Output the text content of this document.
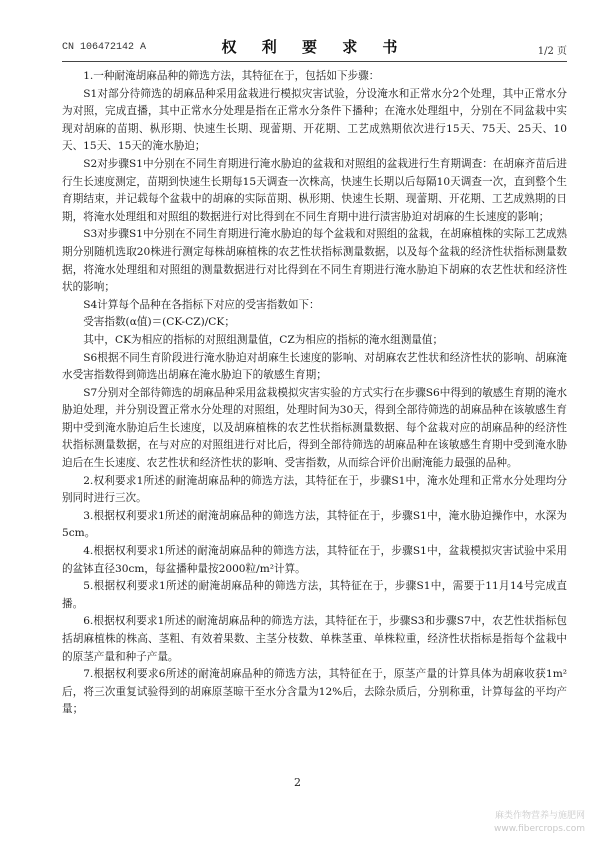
CN 106472142 A	权 利 要 求 书	1/2 页

1.一种耐淹胡麻品种的筛选方法，其特征在于，包括如下步骤：

S1对部分待筛选的胡麻品种采用盆栽进行模拟灾害试验，分设淹水和正常水分2个处理，其中正常水分为对照，完成直播，其中正常水分处理是指在正常水分条件下播种；在淹水处理组中，分别在不同盆栽中实现对胡麻的苗期、枞形期、快速生长期、现蕾期、开花期、工艺成熟期依次进行15天、75天、25天、10天、15天、15天的淹水胁迫；

S2对步骤S1中分别在不同生育期进行淹水胁迫的盆栽和对照组的盆栽进行生育期调查：在胡麻齐苗后进行生长速度测定，苗期到快速生长期每15天调查一次株高，快速生长期以后每隔10天调查一次，直到整个生育期结束，并记载每个盆栽中的胡麻的实际苗期、枞形期、快速生长期、现蕾期、开花期、工艺成熟期的日期，将淹水处理组和对照组的数据进行对比得到在不同生育期中进行渍害胁迫对胡麻的生长速度的影响；

S3对步骤S1中分别在不同生育期进行淹水胁迫的每个盆栽和对照组的盆栽，在胡麻植株的实际工艺成熟期分别随机选取20株进行测定每株胡麻植株的农艺性状指标测量数据，以及每个盆栽的经济性状指标测量数据，将淹水处理组和对照组的测量数据进行对比得到在不同生育期进行淹水胁迫下胡麻的农艺性状和经济性状的影响；

S4计算每个品种在各指标下对应的受害指数如下：

受害指数(α值)＝(CK-CZ)/CK；

其中，CK为相应的指标的对照组测量值，CZ为相应的指标的淹水组测量值；

S6根据不同生育阶段进行淹水胁迫对胡麻生长速度的影响、对胡麻农艺性状和经济性状的影响、胡麻淹水受害指数得到筛选出胡麻在淹水胁迫下的敏感生育期；

S7分别对全部待筛选的胡麻品种采用盆栽模拟灾害实验的方式实行在步骤S6中得到的敏感生育期的淹水胁迫处理，并分别设置正常水分处理的对照组，处理时间为30天，得到全部待筛选的胡麻品种在该敏感生育期中受到淹水胁迫后生长速度，以及胡麻植株的农艺性状指标测量数据、每个盆栽对应的胡麻品种的经济性状指标测量数据，在与对应的对照组进行对比后，得到全部待筛选的胡麻品种在该敏感生育期中受到淹水胁迫后在生长速度、农艺性状和经济性状的影响、受害指数，从而综合评价出耐淹能力最强的品种。

2.权利要求1所述的耐淹胡麻品种的筛选方法，其特征在于，步骤S1中，淹水处理和正常水分处理均分别同时进行三次。

3.根据权利要求1所述的耐淹胡麻品种的筛选方法，其特征在于，步骤S1中，淹水胁迫操作中，水深为5cm。

4.根据权利要求1所述的耐淹胡麻品种的筛选方法，其特征在于，步骤S1中，盆栽模拟灾害试验中采用的盆钵直径30cm，每盆播种量按2000粒/m²计算。

5.根据权利要求1所述的耐淹胡麻品种的筛选方法，其特征在于，步骤S1中，需要于11月14号完成直播。

6.根据权利要求1所述的耐淹胡麻品种的筛选方法，其特征在于，步骤S3和步骤S7中，农艺性状指标包括胡麻植株的株高、茎粗、有效着果数、主茎分枝数、单株茎重、单株粒重，经济性状指标是指每个盆栽中的原茎产量和种子产量。

7.根据权利要求6所述的耐淹胡麻品种的筛选方法，其特征在于，原茎产量的计算具体为胡麻收获1m²后，将三次重复试验得到的胡麻原茎晾干至水分含量为12%后，去除杂质后，分别称重，计算每盆的平均产量；

2
麻类作物营养与施肥网
www.fibercrops.com
